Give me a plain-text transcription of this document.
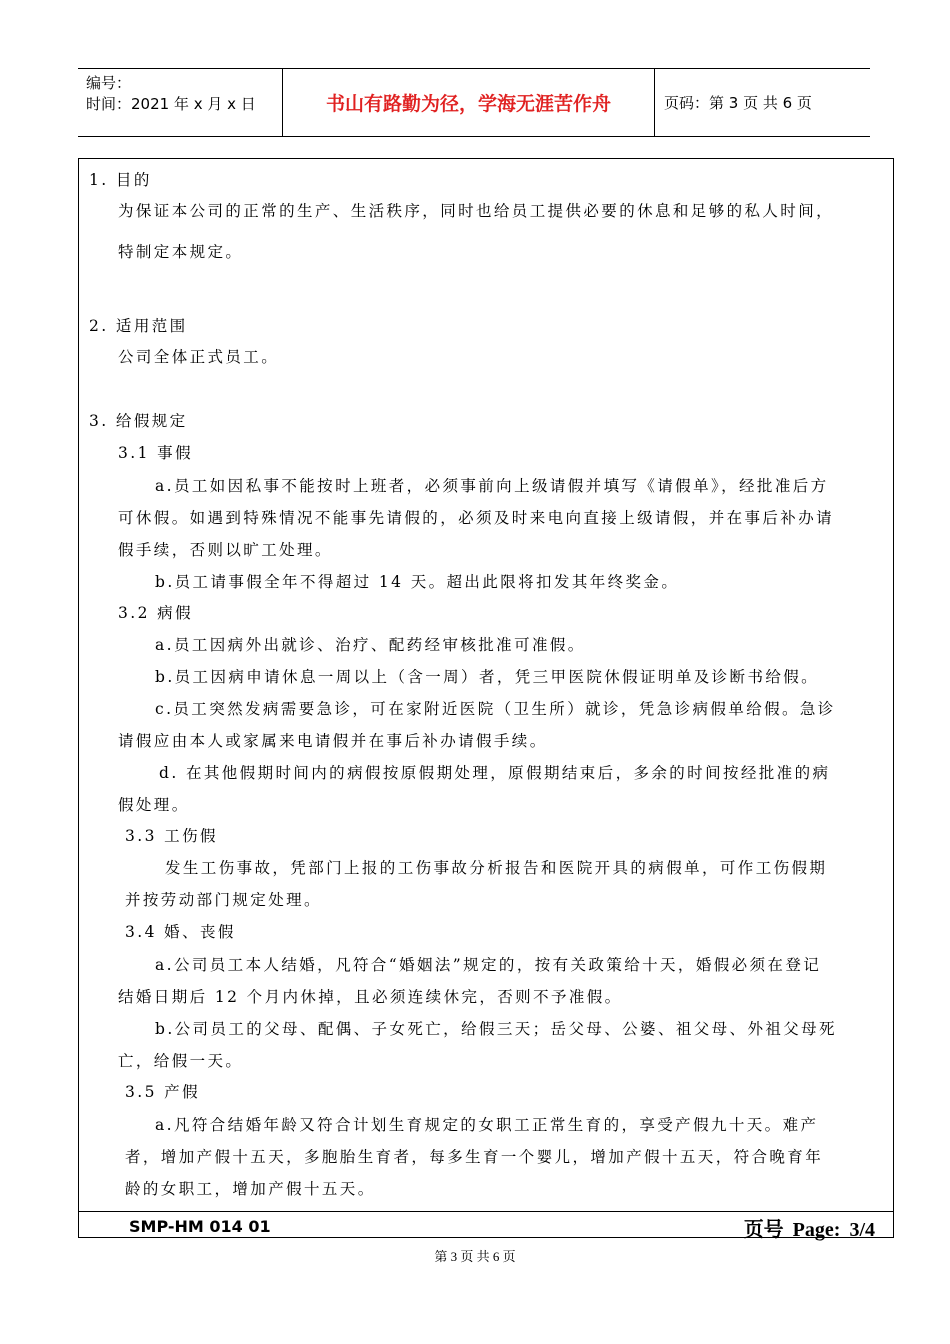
编号：
时间：2021 年 x 月 x 日	书山有路勤为径，学海无涯苦作舟	页码：第 3 页 共 6 页
1. 目的
为保证本公司的正常的生产、生活秩序，同时也给员工提供必要的休息和足够的私人时间，
特制定本规定。
2. 适用范围
公司全体正式员工。
3. 给假规定
3.1 事假
a.员工如因私事不能按时上班者，必须事前向上级请假并填写《请假单》，经批准后方
可休假。如遇到特殊情况不能事先请假的，必须及时来电向直接上级请假，并在事后补办请
假手续，否则以旷工处理。
b.员工请事假全年不得超过 14 天。超出此限将扣发其年终奖金。
3.2 病假
a.员工因病外出就诊、治疗、配药经审核批准可准假。
b.员工因病申请休息一周以上（含一周）者，凭三甲医院休假证明单及诊断书给假。
c.员工突然发病需要急诊，可在家附近医院（卫生所）就诊，凭急诊病假单给假。急诊
请假应由本人或家属来电请假并在事后补办请假手续。
d. 在其他假期时间内的病假按原假期处理，原假期结束后，多余的时间按经批准的病
假处理。
3.3 工伤假
发生工伤事故，凭部门上报的工伤事故分析报告和医院开具的病假单，可作工伤假期
并按劳动部门规定处理。
3.4 婚、丧假
a.公司员工本人结婚，凡符合“婚姻法”规定的，按有关政策给十天，婚假必须在登记
结婚日期后 12 个月内休掉，且必须连续休完，否则不予准假。
b.公司员工的父母、配偶、子女死亡，给假三天；岳父母、公婆、祖父母、外祖父母死
亡，给假一天。
3.5 产假
a.凡符合结婚年龄又符合计划生育规定的女职工正常生育的，享受产假九十天。难产
者，增加产假十五天，多胞胎生育者，每多生育一个婴儿，增加产假十五天，符合晚育年
龄的女职工，增加产假十五天。
SMP-HM 014 01	页号 Page: 3/4
第 3 页 共 6 页
